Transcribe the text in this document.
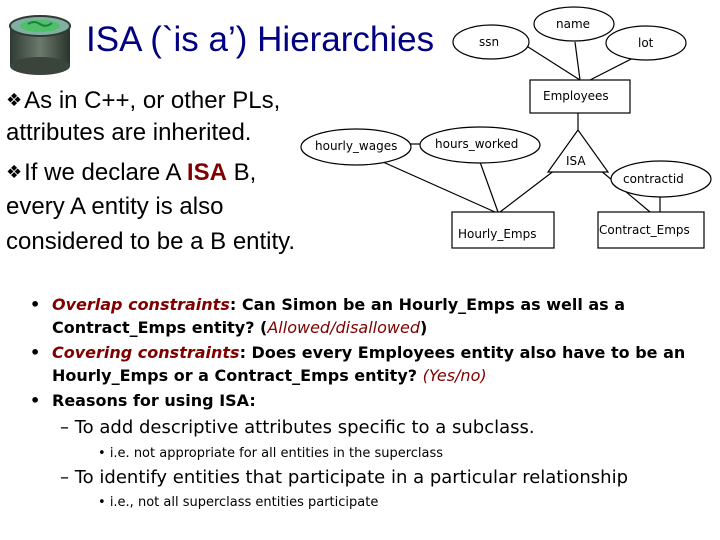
ISA (`is a’) Hierarchies
❖As in C++, or other PLs,
attributes are inherited.
❖If we declare A ISA B,
every A entity is also
considered to be a B entity.
ssn
name
lot
Employees
hourly_wages	hours_worked
ISA
contractid
Hourly_Emps	Contract_Emps
• Overlap constraints: Can Simon be an Hourly_Emps as well as a
Contract_Emps entity? (Allowed/disallowed)
• Covering constraints: Does every Employees entity also have to be an
Hourly_Emps or a Contract_Emps entity? (Yes/no)
• Reasons for using ISA:
– To add descriptive attributes specific to a subclass.
• i.e. not appropriate for all entities in the superclass
– To identify entities that participate in a particular relationship
• i.e., not all superclass entities participate
